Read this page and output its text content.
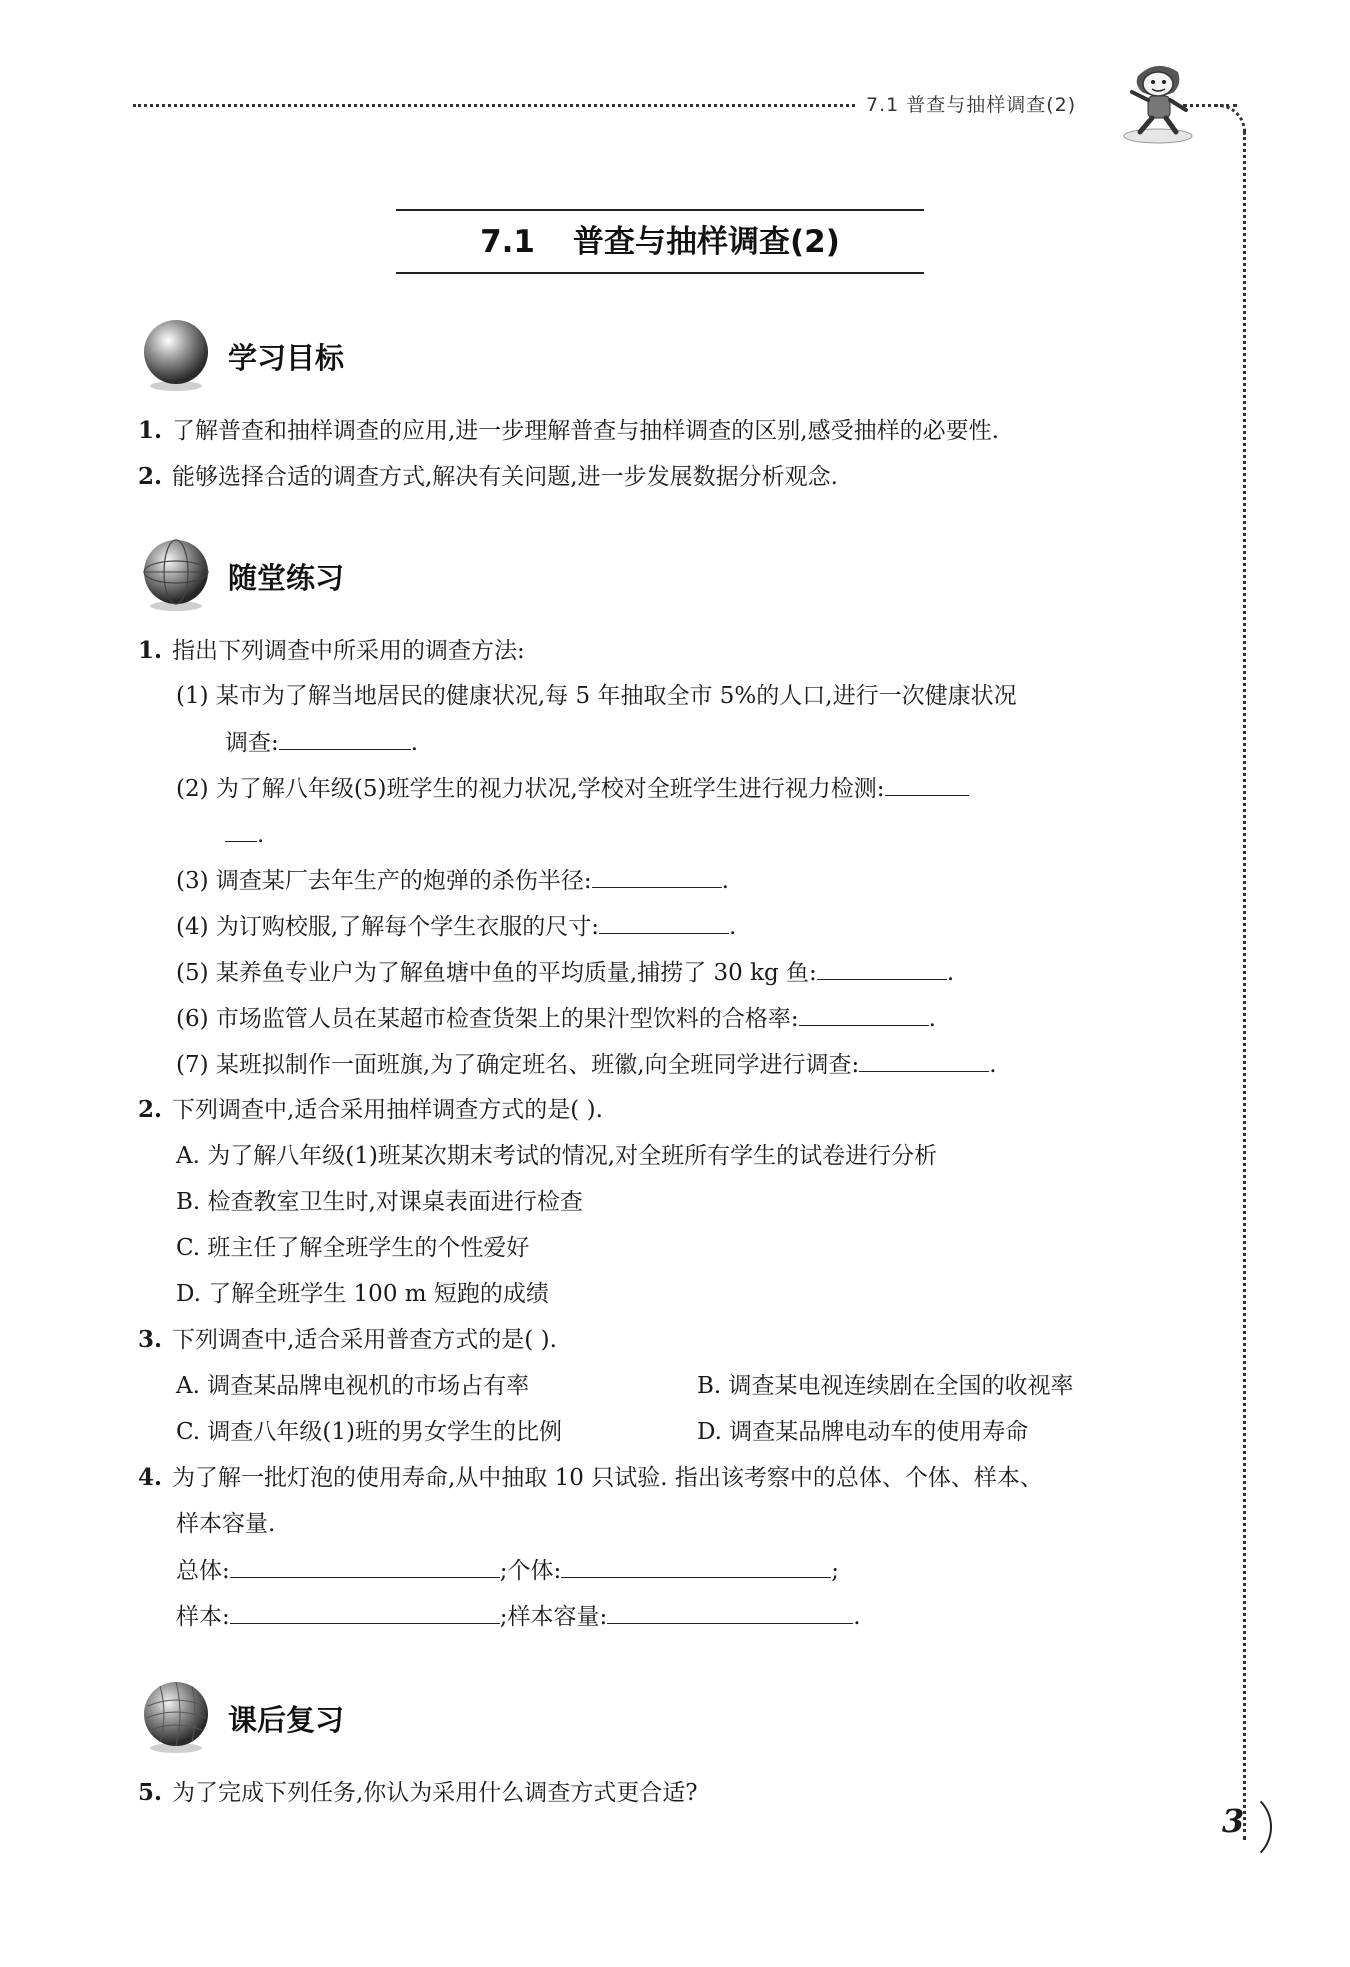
7.1 普查与抽样调查(2)
7.1 普查与抽样调查(2)
学习目标
1. 了解普查和抽样调查的应用,进一步理解普查与抽样调查的区别,感受抽样的必要性.
2. 能够选择合适的调查方式,解决有关问题,进一步发展数据分析观念.
随堂练习
1. 指出下列调查中所采用的调查方法:
(1) 某市为了解当地居民的健康状况,每 5 年抽取全市 5%的人口,进行一次健康状况
调查:	.
(2) 为了解八年级(5)班学生的视力状况,学校对全班学生进行视力检测:
.
(3) 调查某厂去年生产的炮弹的杀伤半径:	.
(4) 为订购校服,了解每个学生衣服的尺寸:	.
(5) 某养鱼专业户为了解鱼塘中鱼的平均质量,捕捞了 30 kg 鱼:	.
(6) 市场监管人员在某超市检查货架上的果汁型饮料的合格率:	.
(7) 某班拟制作一面班旗,为了确定班名、班徽,向全班同学进行调查:	.
2. 下列调查中,适合采用抽样调查方式的是( ).
A. 为了解八年级(1)班某次期末考试的情况,对全班所有学生的试卷进行分析
B. 检查教室卫生时,对课桌表面进行检查
C. 班主任了解全班学生的个性爱好
D. 了解全班学生 100 m 短跑的成绩
3. 下列调查中,适合采用普查方式的是( ).
A. 调查某品牌电视机的市场占有率	B. 调查某电视连续剧在全国的收视率
C. 调查八年级(1)班的男女学生的比例	D. 调查某品牌电动车的使用寿命
4. 为了解一批灯泡的使用寿命,从中抽取 10 只试验. 指出该考察中的总体、个体、样本、
样本容量.
总体:	;个体:	;
样本:	;样本容量:	.
课后复习
5. 为了完成下列任务,你认为采用什么调查方式更合适?
3
